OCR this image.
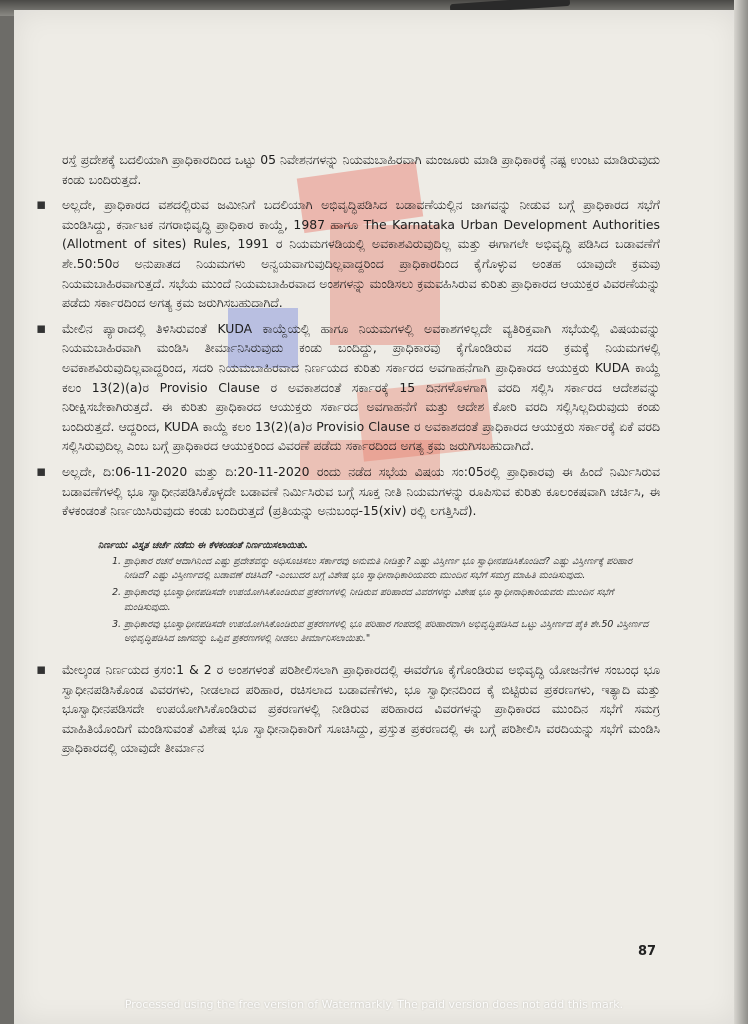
ರಸ್ತೆ ಪ್ರದೇಶಕ್ಕೆ ಬದಲಿಯಾಗಿ ಪ್ರಾಧಿಕಾರದಿಂದ ಒಟ್ಟು 05 ನಿವೇಶನಗಳನ್ನು ನಿಯಮಬಾಹಿರವಾಗಿ ಮಂಜೂರು ಮಾಡಿ ಪ್ರಾಧಿಕಾರಕ್ಕೆ ನಷ್ಟ ಉಂಟು ಮಾಡಿರುವುದು ಕಂಡು ಬಂದಿರುತ್ತದೆ.

▪ ಅಲ್ಲದೇ, ಪ್ರಾಧಿಕಾರದ ವಶದಲ್ಲಿರುವ ಜಮೀನಿಗೆ ಬದಲಿಯಾಗಿ ಅಭಿವೃದ್ಧಿಪಡಿಸಿದ ಬಡಾವಣೆಯಲ್ಲಿನ ಜಾಗವನ್ನು ನೀಡುವ ಬಗ್ಗೆ ಪ್ರಾಧಿಕಾರದ ಸಭೆಗೆ ಮಂಡಿಸಿದ್ದು, ಕರ್ನಾಟಕ ನಗರಾಭಿವೃದ್ಧಿ ಪ್ರಾಧಿಕಾರ ಕಾಯ್ದೆ, 1987 ಹಾಗೂ The Karnataka Urban Development Authorities (Allotment of sites) Rules, 1991 ರ ನಿಯಮಗಳಡಿಯಲ್ಲಿ ಅವಕಾಶವಿರುವುದಿಲ್ಲ ಮತ್ತು ಈಗಾಗಲೇ ಅಭಿವೃದ್ಧಿ ಪಡಿಸಿದ ಬಡಾವಣೆಗೆ ಶೇ.50:50ರ ಅನುಪಾತದ ನಿಯಮಗಳು ಅನ್ವಯವಾಗುವುದಿಲ್ಲವಾದ್ದರಿಂದ ಪ್ರಾಧಿಕಾರದಿಂದ ಕೈಗೊಳ್ಳುವ ಅಂತಹ ಯಾವುದೇ ಕ್ರಮವು ನಿಯಮಬಾಹಿರವಾಗುತ್ತದೆ. ಸಭೆಯ ಮುಂದೆ ನಿಯಮಬಾಹಿರವಾದ ಅಂಶಗಳನ್ನು ಮಂಡಿಸಲು ಕ್ರಮವಹಿಸಿರುವ ಕುರಿತು ಪ್ರಾಧಿಕಾರದ ಆಯುಕ್ತರ ವಿವರಣೆಯನ್ನು ಪಡೆದು ಸರ್ಕಾರದಿಂದ ಅಗತ್ಯ ಕ್ರಮ ಜರುಗಿಸಬಹುದಾಗಿದೆ.

▪ ಮೇಲಿನ ಪ್ಯಾರಾದಲ್ಲಿ ತಿಳಿಸಿರುವಂತೆ KUDA ಕಾಯ್ದೆಯಲ್ಲಿ ಹಾಗೂ ನಿಯಮಗಳಲ್ಲಿ ಅವಕಾಶಗಳಿಲ್ಲದೇ ವ್ಯತಿರಿಕ್ತವಾಗಿ ಸಭೆಯಲ್ಲಿ ವಿಷಯವನ್ನು ನಿಯಮಬಾಹಿರವಾಗಿ ಮಂಡಿಸಿ ತೀರ್ಮಾನಿಸಿರುವುದು ಕಂಡು ಬಂದಿದ್ದು, ಪ್ರಾಧಿಕಾರವು ಕೈಗೊಂಡಿರುವ ಸದರಿ ಕ್ರಮಕ್ಕೆ ನಿಯಮಗಳಲ್ಲಿ ಅವಕಾಶವಿರುವುದಿಲ್ಲವಾದ್ದರಿಂದ, ಸದರಿ ನಿಯಮಬಾಹಿರವಾದ ನಿರ್ಣಯದ ಕುರಿತು ಸರ್ಕಾರದ ಅವಗಾಹನೆಗಾಗಿ ಪ್ರಾಧಿಕಾರದ ಆಯುಕ್ತರು KUDA ಕಾಯ್ದೆ ಕಲಂ 13(2)(a)ರ Provisio Clause ರ ಅವಕಾಶದಂತೆ ಸರ್ಕಾರಕ್ಕೆ 15 ದಿನಗಳೊಳಗಾಗಿ ವರದಿ ಸಲ್ಲಿಸಿ ಸರ್ಕಾರದ ಆದೇಶವನ್ನು ನಿರೀಕ್ಷಿಸಬೇಕಾಗಿರುತ್ತದೆ. ಈ ಕುರಿತು ಪ್ರಾಧಿಕಾರದ ಆಯುಕ್ತರು ಸರ್ಕಾರದ ಅವಗಾಹನೆಗೆ ಮತ್ತು ಆದೇಶ ಕೋರಿ ವರದಿ ಸಲ್ಲಿಸಿಲ್ಲದಿರುವುದು ಕಂಡು ಬಂದಿರುತ್ತದೆ. ಆದ್ದರಿಂದ, KUDA ಕಾಯ್ದೆ ಕಲಂ 13(2)(a)ರ Provisio Clause ರ ಅವಕಾಶದಂತೆ ಪ್ರಾಧಿಕಾರದ ಆಯುಕ್ತರು ಸರ್ಕಾರಕ್ಕೆ ಏಕೆ ವರದಿ ಸಲ್ಲಿಸಿರುವುದಿಲ್ಲ ಎಂಬ ಬಗ್ಗೆ ಪ್ರಾಧಿಕಾರದ ಆಯುಕ್ತರಿಂದ ವಿವರಣೆ ಪಡೆದು ಸರ್ಕಾರದಿಂದ ಅಗತ್ಯ ಕ್ರಮ ಜರುಗಿಸಬಹುದಾಗಿದೆ.

▪ ಅಲ್ಲದೇ, ದಿ:06-11-2020 ಮತ್ತು ದಿ:20-11-2020 ರಂದು ನಡೆದ ಸಭೆಯ ವಿಷಯ ಸಂ:05ರಲ್ಲಿ ಪ್ರಾಧಿಕಾರವು ಈ ಹಿಂದೆ ನಿರ್ಮಿಸಿರುವ ಬಡಾವಣೆಗಳಲ್ಲಿ ಭೂ ಸ್ವಾಧೀನಪಡಿಸಿಕೊಳ್ಳದೇ ಬಡಾವಣೆ ನಿರ್ಮಿಸಿರುವ ಬಗ್ಗೆ ಸೂಕ್ತ ನೀತಿ ನಿಯಮಗಳನ್ನು ರೂಪಿಸುವ ಕುರಿತು ಕೂಲಂಕಷವಾಗಿ ಚರ್ಚಿಸಿ, ಈ ಕೆಳಕಂಡಂತೆ ನಿರ್ಣಯಿಸಿರುವುದು ಕಂಡು ಬಂದಿರುತ್ತದೆ (ಪ್ರತಿಯನ್ನು ಅನುಬಂಧ-15(xiv) ರಲ್ಲಿ ಲಗತ್ತಿಸಿದೆ).

ನಿರ್ಣಯ: ವಿಸ್ತೃತ ಚರ್ಚೆ ನಡೆದು ಈ ಕೆಳಕಂಡಂತೆ ನಿರ್ಣಯಿಸಲಾಯಿತು.
1. ಪ್ರಾಧಿಕಾರ ರಚನೆ ಆದಾಗಿನಿಂದ ಎಷ್ಟು ಪ್ರದೇಶವನ್ನು ಅಧಿಸೂಚಿಸಲು ಸರ್ಕಾರವು ಅನುಮತಿ ನೀಡಿತ್ತು? ಎಷ್ಟು ವಿಸ್ತೀರ್ಣ ಭೂ ಸ್ವಾಧೀನಪಡಿಸಿಕೊಂಡಿದೆ? ಎಷ್ಟು ವಿಸ್ತೀರ್ಣಕ್ಕೆ ಪರಿಹಾರ ನೀಡಿದೆ? ಎಷ್ಟು ವಿಸ್ತೀರ್ಣದಲ್ಲಿ ಬಡಾವಣೆ ರಚಿಸಿದೆ? -ಎಂಬುದರ ಬಗ್ಗೆ ವಿಶೇಷ ಭೂ ಸ್ವಾಧೀನಾಧಿಕಾರಿಯವರು ಮುಂದಿನ ಸಭೆಗೆ ಸಮಗ್ರ ಮಾಹಿತಿ ಮಂಡಿಸುವುದು.
2. ಪ್ರಾಧಿಕಾರವು ಭೂಸ್ವಾಧೀನಪಡಿಸದೇ ಉಪಯೋಗಿಸಿಕೊಂಡಿರುವ ಪ್ರಕರಣಗಳಲ್ಲಿ ನೀಡಿರುವ ಪರಿಹಾರದ ವಿವರಗಳನ್ನು ವಿಶೇಷ ಭೂ ಸ್ವಾಧೀನಾಧಿಕಾರಿಯವರು ಮುಂದಿನ ಸಭೆಗೆ ಮಂಡಿಸುವುದು.
3. ಪ್ರಾಧಿಕಾರವು ಭೂಸ್ವಾಧೀನಪಡಿಸದೇ ಉಪಯೋಗಿಸಿಕೊಂಡಿರುವ ಪ್ರಕರಣಗಳಲ್ಲಿ ಭೂ ಪರಿಹಾರ ಗಂಪದಲ್ಲಿ ಪರಿಹಾರವಾಗಿ ಅಭಿವೃದ್ಧಿಪಡಿಸಿದ ಒಟ್ಟು ವಿಸ್ತೀರ್ಣದ ಪೈಕಿ ಶೇ.50 ವಿಸ್ತೀರ್ಣದ ಅಭಿವೃದ್ಧಿಪಡಿಸಿದ ಜಾಗವನ್ನು ಒಪ್ಪಿವ ಪ್ರಕರಣಗಳಲ್ಲಿ ನೀಡಲು ತೀರ್ಮಾನಿಸಲಾಯಿತು."
▪ ಮೇಲ್ಕಂಡ ನಿರ್ಣಯದ ಕ್ರಸಂ:1 & 2 ರ ಅಂಶಗಳಂತೆ ಪರಿಶೀಲಿಸಲಾಗಿ ಪ್ರಾಧಿಕಾರದಲ್ಲಿ ಈವರೆಗೂ ಕೈಗೊಂಡಿರುವ ಅಭಿವೃದ್ಧಿ ಯೋಜನೆಗಳ ಸಂಬಂಧ ಭೂ ಸ್ವಾಧೀನಪಡಿಸಿಕೊಂಡ ವಿವರಗಳು, ನೀಡಲಾದ ಪರಿಹಾರ, ರಚಿಸಲಾದ ಬಡಾವಣೆಗಳು, ಭೂ ಸ್ವಾಧೀನದಿಂದ ಕೈ ಬಿಟ್ಟಿರುವ ಪ್ರಕರಣಗಳು, ಇತ್ಯಾದಿ ಮತ್ತು ಭೂಸ್ವಾಧೀನಪಡಿಸದೇ ಉಪಯೋಗಿಸಿಕೊಂಡಿರುವ ಪ್ರಕರಣಗಳಲ್ಲಿ ನೀಡಿರುವ ಪರಿಹಾರದ ವಿವರಗಳನ್ನು ಪ್ರಾಧಿಕಾರದ ಮುಂದಿನ ಸಭೆಗೆ ಸಮಗ್ರ ಮಾಹಿತಿಯೊಂದಿಗೆ ಮಂಡಿಸುವಂತೆ ವಿಶೇಷ ಭೂ ಸ್ವಾಧೀನಾಧಿಕಾರಿಗೆ ಸೂಚಿಸಿದ್ದು, ಪ್ರಸ್ತುತ ಪ್ರಕರಣದಲ್ಲಿ ಈ ಬಗ್ಗೆ ಪರಿಶೀಲಿಸಿ ವರದಿಯನ್ನು ಸಭೆಗೆ ಮಂಡಿಸಿ ಪ್ರಾಧಿಕಾರದಲ್ಲಿ ಯಾವುದೇ ತೀರ್ಮಾನ

87
Processed using the free version of Watermarkly. The paid version does not add this mark.
